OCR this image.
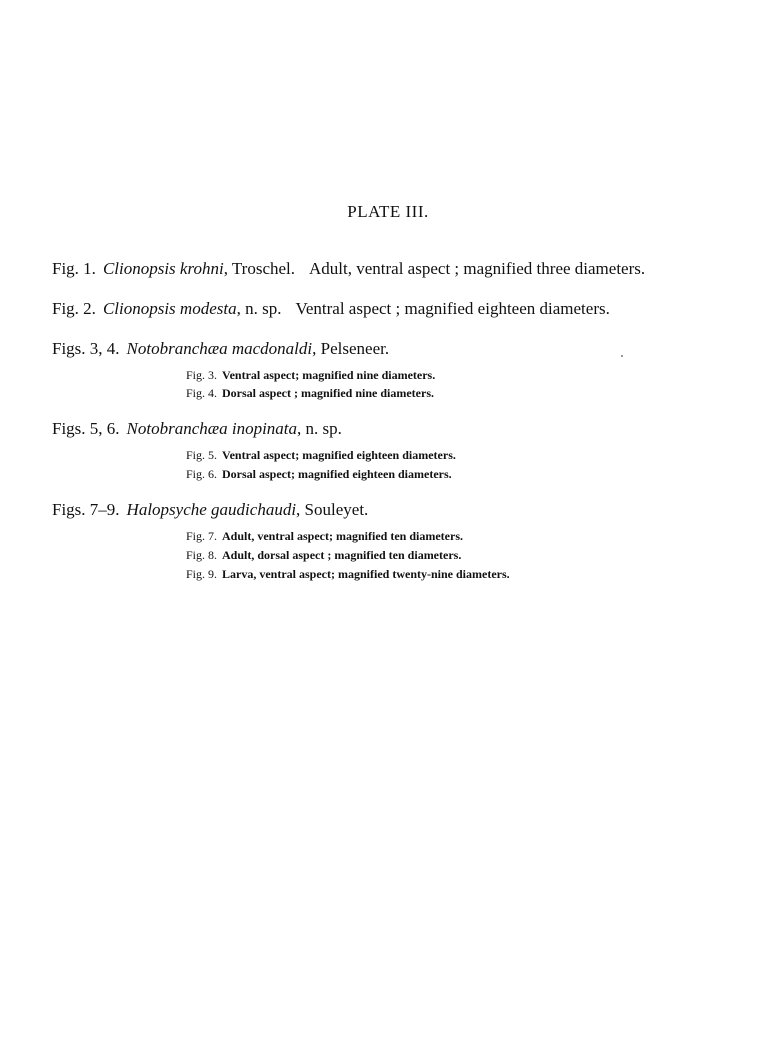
PLATE III.
Fig. 1. Clionopsis krohni, Troschel. Adult, ventral aspect ; magnified three diameters.
Fig. 2. Clionopsis modesta, n. sp. Ventral aspect ; magnified eighteen diameters.
Figs. 3, 4. Notobranchæa macdonaldi, Pelseneer.
Fig. 3. Ventral aspect; magnified nine diameters.
Fig. 4. Dorsal aspect ; magnified nine diameters.
Figs. 5, 6. Notobranchæa inopinata, n. sp.
Fig. 5. Ventral aspect; magnified eighteen diameters.
Fig. 6. Dorsal aspect; magnified eighteen diameters.
Figs. 7–9. Halopsyche gaudichaudi, Souleyet.
Fig. 7. Adult, ventral aspect; magnified ten diameters.
Fig. 8. Adult, dorsal aspect ; magnified ten diameters.
Fig. 9. Larva, ventral aspect; magnified twenty-nine diameters.
